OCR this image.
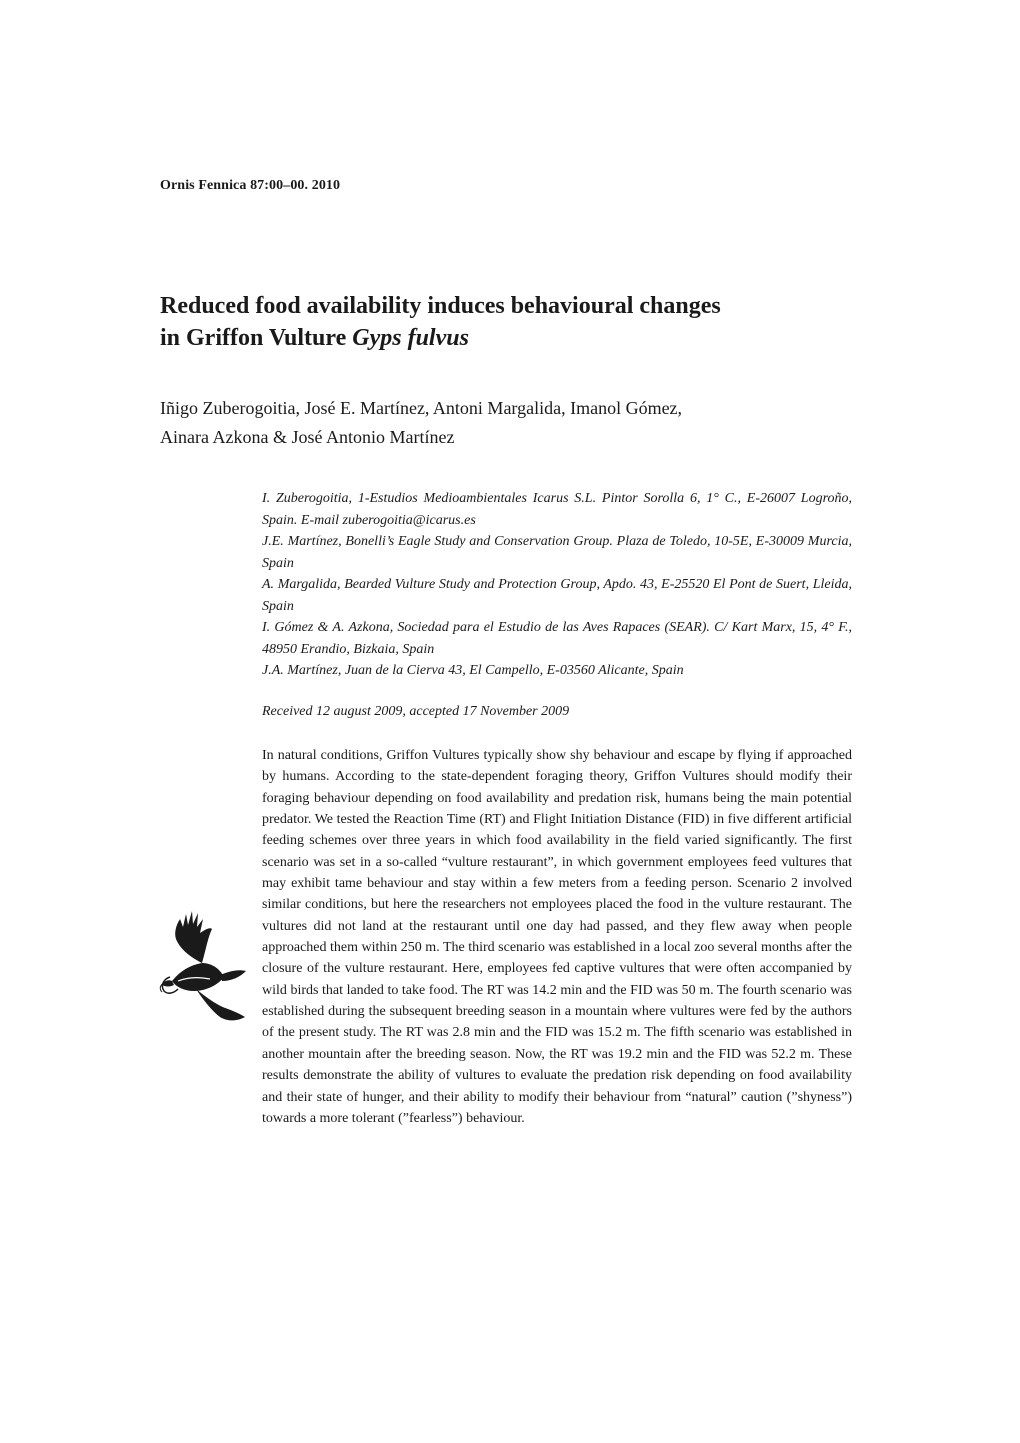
Ornis Fennica 87:00–00. 2010
Reduced food availability induces behavioural changes
in Griffon Vulture Gyps fulvus
Iñigo Zuberogoitia, José E. Martínez, Antoni Margalida, Imanol Gómez,
Ainara Azkona & José Antonio Martínez
I. Zuberogoitia, 1-Estudios Medioambientales Icarus S.L. Pintor Sorolla 6, 1° C., E-26007 Logroño, Spain. E-mail zuberogoitia@icarus.es
J.E. Martínez, Bonelli’s Eagle Study and Conservation Group. Plaza de Toledo, 10-5E, E-30009 Murcia, Spain
A. Margalida, Bearded Vulture Study and Protection Group, Apdo. 43, E-25520 El Pont de Suert, Lleida, Spain
I. Gómez & A. Azkona, Sociedad para el Estudio de las Aves Rapaces (SEAR). C/ Kart Marx, 15, 4° F., 48950 Erandio, Bizkaia, Spain
J.A. Martínez, Juan de la Cierva 43, El Campello, E-03560 Alicante, Spain
Received 12 august 2009, accepted 17 November 2009

In natural conditions, Griffon Vultures typically show shy behaviour and escape by flying if approached by humans. According to the state-dependent foraging theory, Griffon Vultures should modify their foraging behaviour depending on food availability and predation risk, humans being the main potential predator. We tested the Reaction Time (RT) and Flight Initiation Distance (FID) in five different artificial feeding schemes over three years in which food availability in the field varied significantly. The first scenario was set in a so-called “vulture restaurant”, in which government employees feed vultures that may exhibit tame behaviour and stay within a few meters from a feeding person. Scenario 2 involved similar conditions, but here the researchers not employees placed the food in the vulture restaurant. The vultures did not land at the restaurant until one day had passed, and they flew away when people approached them within 250 m. The third scenario was established in a local zoo several months after the closure of the vulture restaurant. Here, employees fed captive vultures that were often accompanied by wild birds that landed to take food. The RT was 14.2 min and the FID was 50 m. The fourth scenario was established during the subsequent breeding season in a mountain where vultures were fed by the authors of the present study. The RT was 2.8 min and the FID was 15.2 m. The fifth scenario was established in another mountain after the breeding season. Now, the RT was 19.2 min and the FID was 52.2 m. These results demonstrate the ability of vultures to evaluate the predation risk depending on food availability and their state of hunger, and their ability to modify their behaviour from “natural” caution (”shyness”) towards a more tolerant (”fearless”) behaviour.
